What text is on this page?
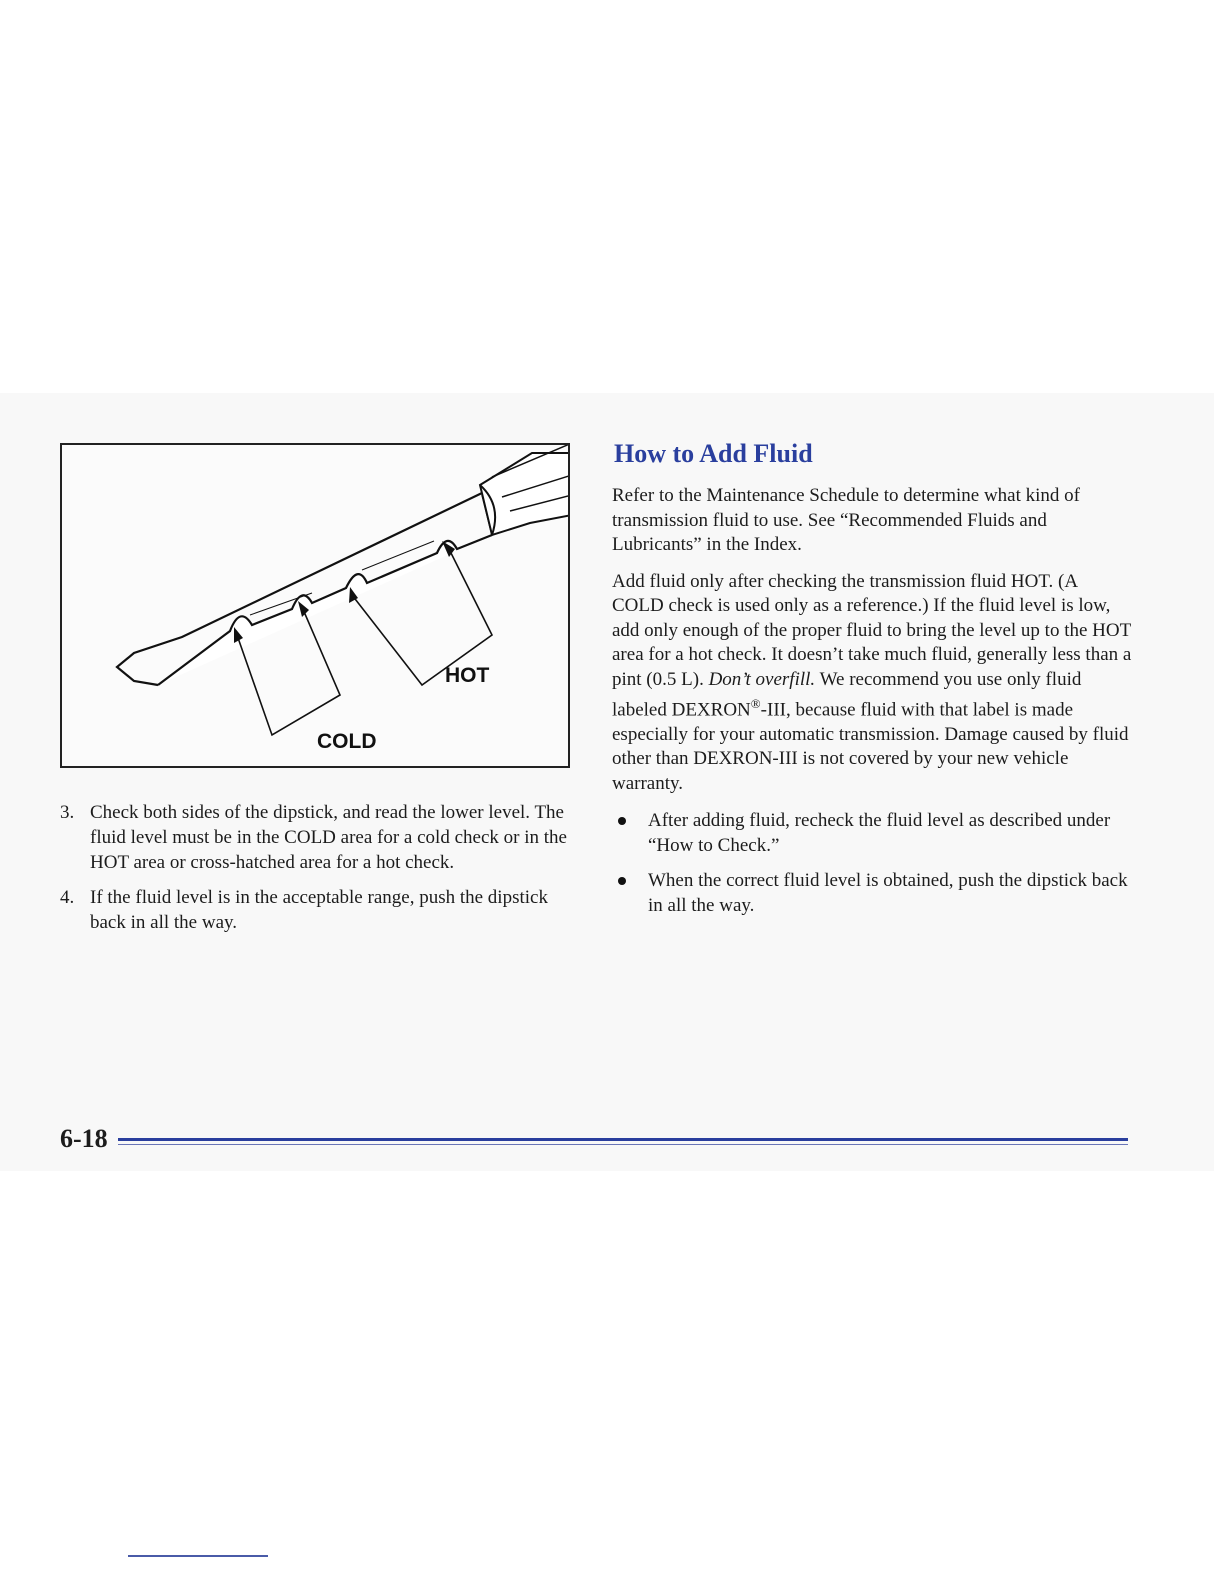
HOT
COLD
3. Check both sides of the dipstick, and read the lower level. The fluid level must be in the COLD area for a cold check or in the HOT area or cross-hatched area for a hot check.
4. If the fluid level is in the acceptable range, push the dipstick back in all the way.
How to Add Fluid

Refer to the Maintenance Schedule to determine what kind of transmission fluid to use. See “Recommended Fluids and Lubricants” in the Index.

Add fluid only after checking the transmission fluid HOT. (A COLD check is used only as a reference.) If the fluid level is low, add only enough of the proper fluid to bring the level up to the HOT area for a hot check. It doesn’t take much fluid, generally less than a pint (0.5 L). Don’t overfill. We recommend you use only fluid labeled DEXRON®-III, because fluid with that label is made especially for your automatic transmission. Damage caused by fluid other than DEXRON-III is not covered by your new vehicle warranty.

After adding fluid, recheck the fluid level as described under “How to Check.”
When the correct fluid level is obtained, push the dipstick back in all the way.
6-18
